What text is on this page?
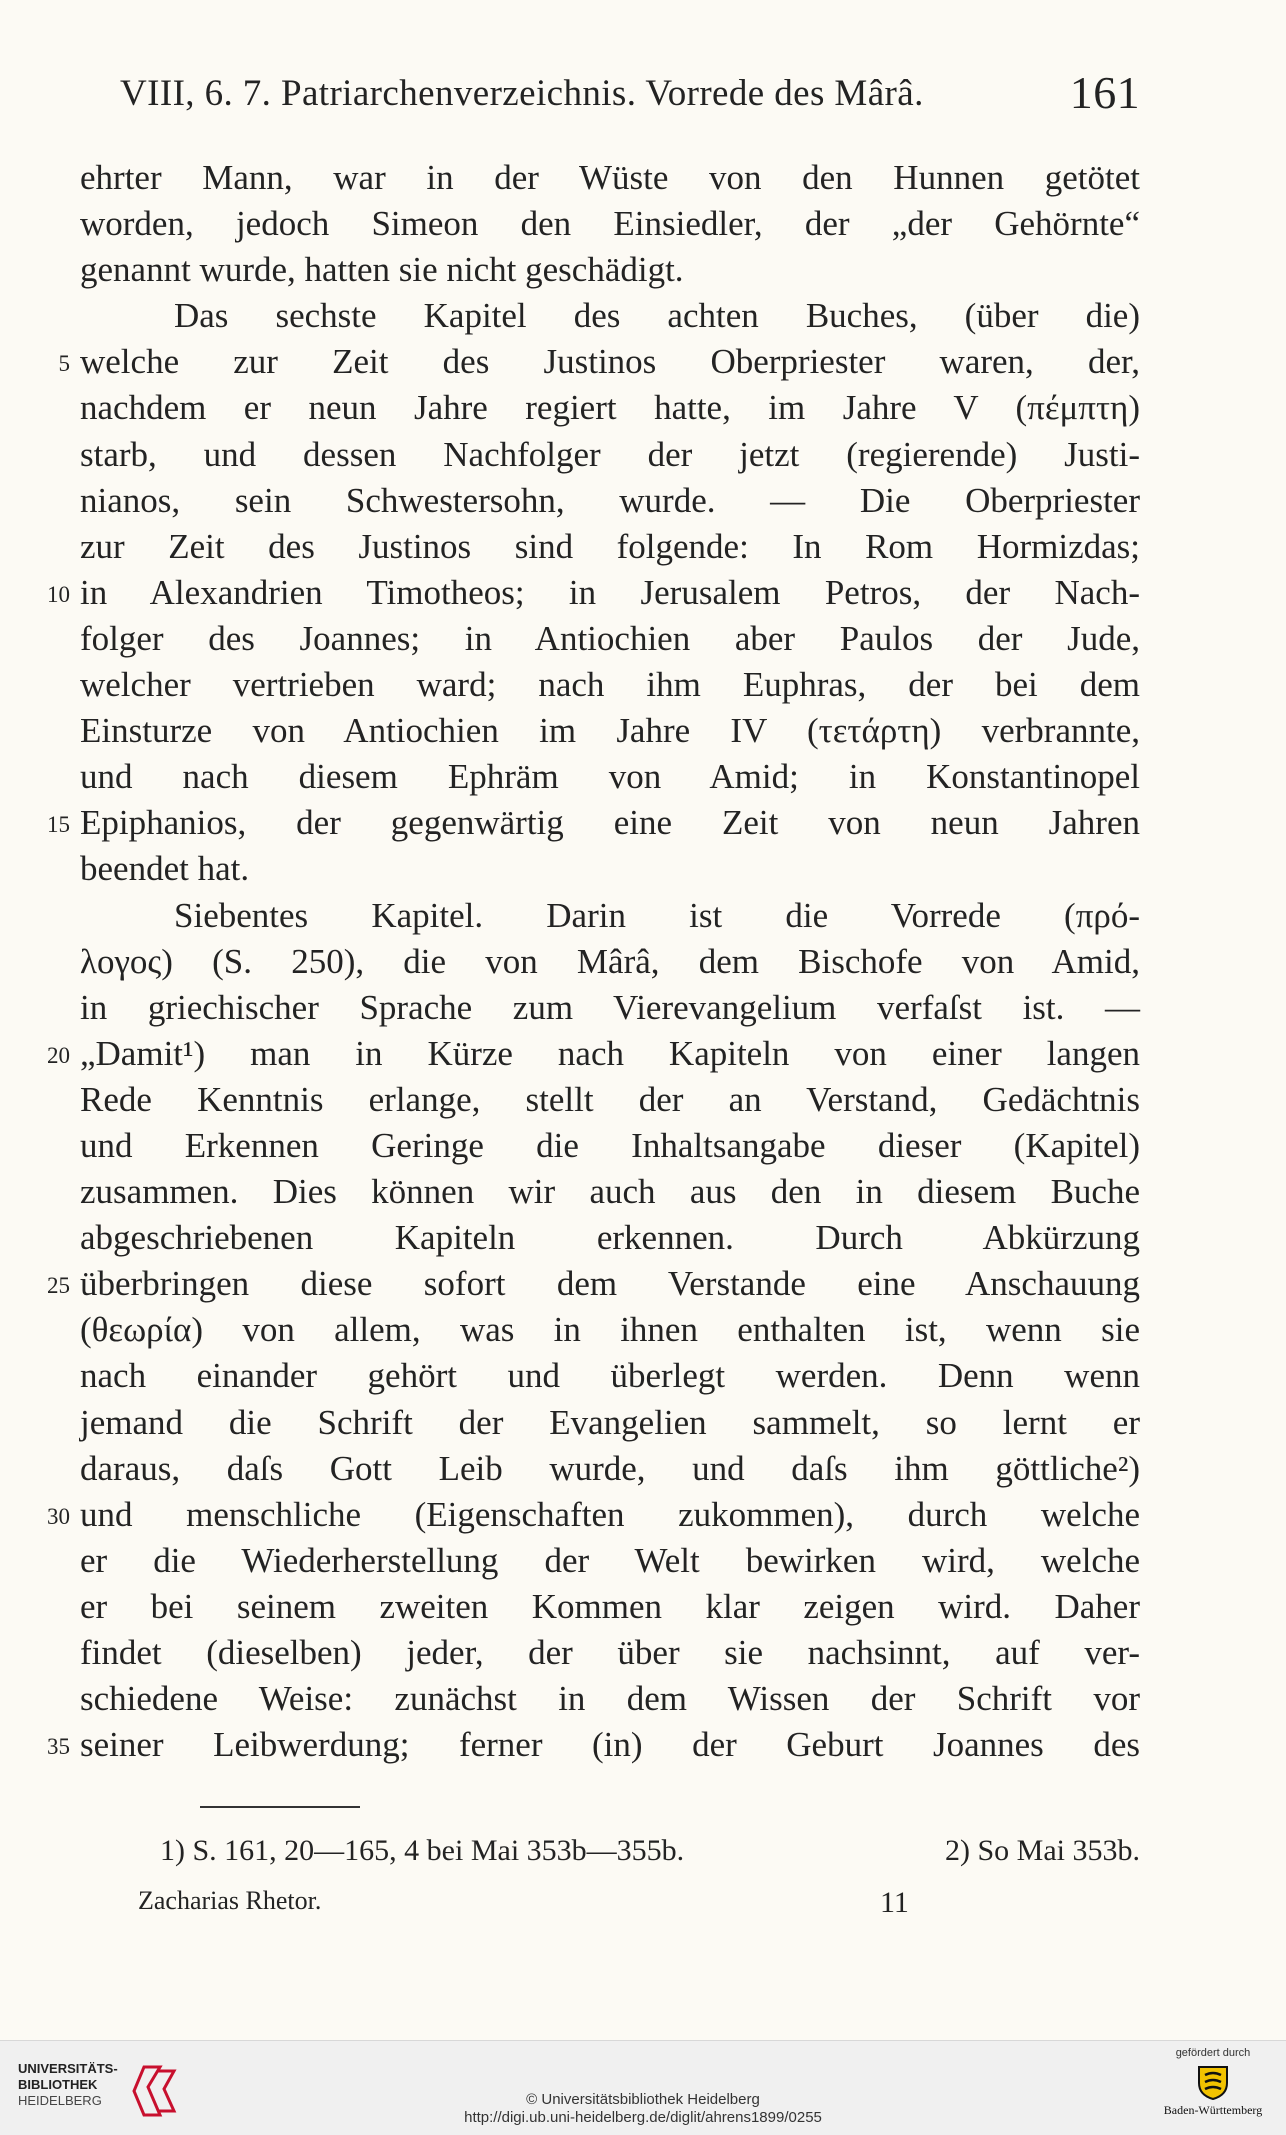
VIII, 6. 7. Patriarchenverzeichnis. Vorrede des Mârâ.	161
ehrter Mann, war in der Wüste von den Hunnen getötet
worden, jedoch Simeon den Einsiedler, der „der Gehörnte“
genannt wurde, hatten sie nicht geschädigt.
Das sechste Kapitel des achten Buches, (über die)
5 welche zur Zeit des Justinos Oberpriester waren, der,
nachdem er neun Jahre regiert hatte, im Jahre V (πέμπτη)
starb, und dessen Nachfolger der jetzt (regierende) Justi-
nianos, sein Schwestersohn, wurde. — Die Oberpriester
zur Zeit des Justinos sind folgende: In Rom Hormizdas;
10 in Alexandrien Timotheos; in Jerusalem Petros, der Nach-
folger des Joannes; in Antiochien aber Paulos der Jude,
welcher vertrieben ward; nach ihm Euphras, der bei dem
Einsturze von Antiochien im Jahre IV (τετάρτη) verbrannte,
und nach diesem Ephräm von Amid; in Konstantinopel
15 Epiphanios, der gegenwärtig eine Zeit von neun Jahren
beendet hat.
Siebentes Kapitel. Darin ist die Vorrede (πρό-
λογος) (S. 250), die von Mârâ, dem Bischofe von Amid,
in griechischer Sprache zum Vierevangelium verfaſst ist. —
20 „Damit¹) man in Kürze nach Kapiteln von einer langen
Rede Kenntnis erlange, stellt der an Verstand, Gedächtnis
und Erkennen Geringe die Inhaltsangabe dieser (Kapitel)
zusammen. Dies können wir auch aus den in diesem Buche
abgeschriebenen Kapiteln erkennen. Durch Abkürzung
25 überbringen diese sofort dem Verstande eine Anschauung
(θεωρία) von allem, was in ihnen enthalten ist, wenn sie
nach einander gehört und überlegt werden. Denn wenn
jemand die Schrift der Evangelien sammelt, so lernt er
daraus, daſs Gott Leib wurde, und daſs ihm göttliche²)
30 und menschliche (Eigenschaften zukommen), durch welche
er die Wiederherstellung der Welt bewirken wird, welche
er bei seinem zweiten Kommen klar zeigen wird. Daher
findet (dieselben) jeder, der über sie nachsinnt, auf ver-
schiedene Weise: zunächst in dem Wissen der Schrift vor
35 seiner Leibwerdung; ferner (in) der Geburt Joannes des
1) S. 161, 20—165, 4 bei Mai 353b—355b.	2) So Mai 353b.
Zacharias Rhetor.	11
UNIVERSITÄTS-
BIBLIOTHEK
HEIDELBERG	© Universitätsbibliothek Heidelberg
http://digi.ub.uni-heidelberg.de/diglit/ahrens1899/0255
gefördert durch
Baden-Württemberg
